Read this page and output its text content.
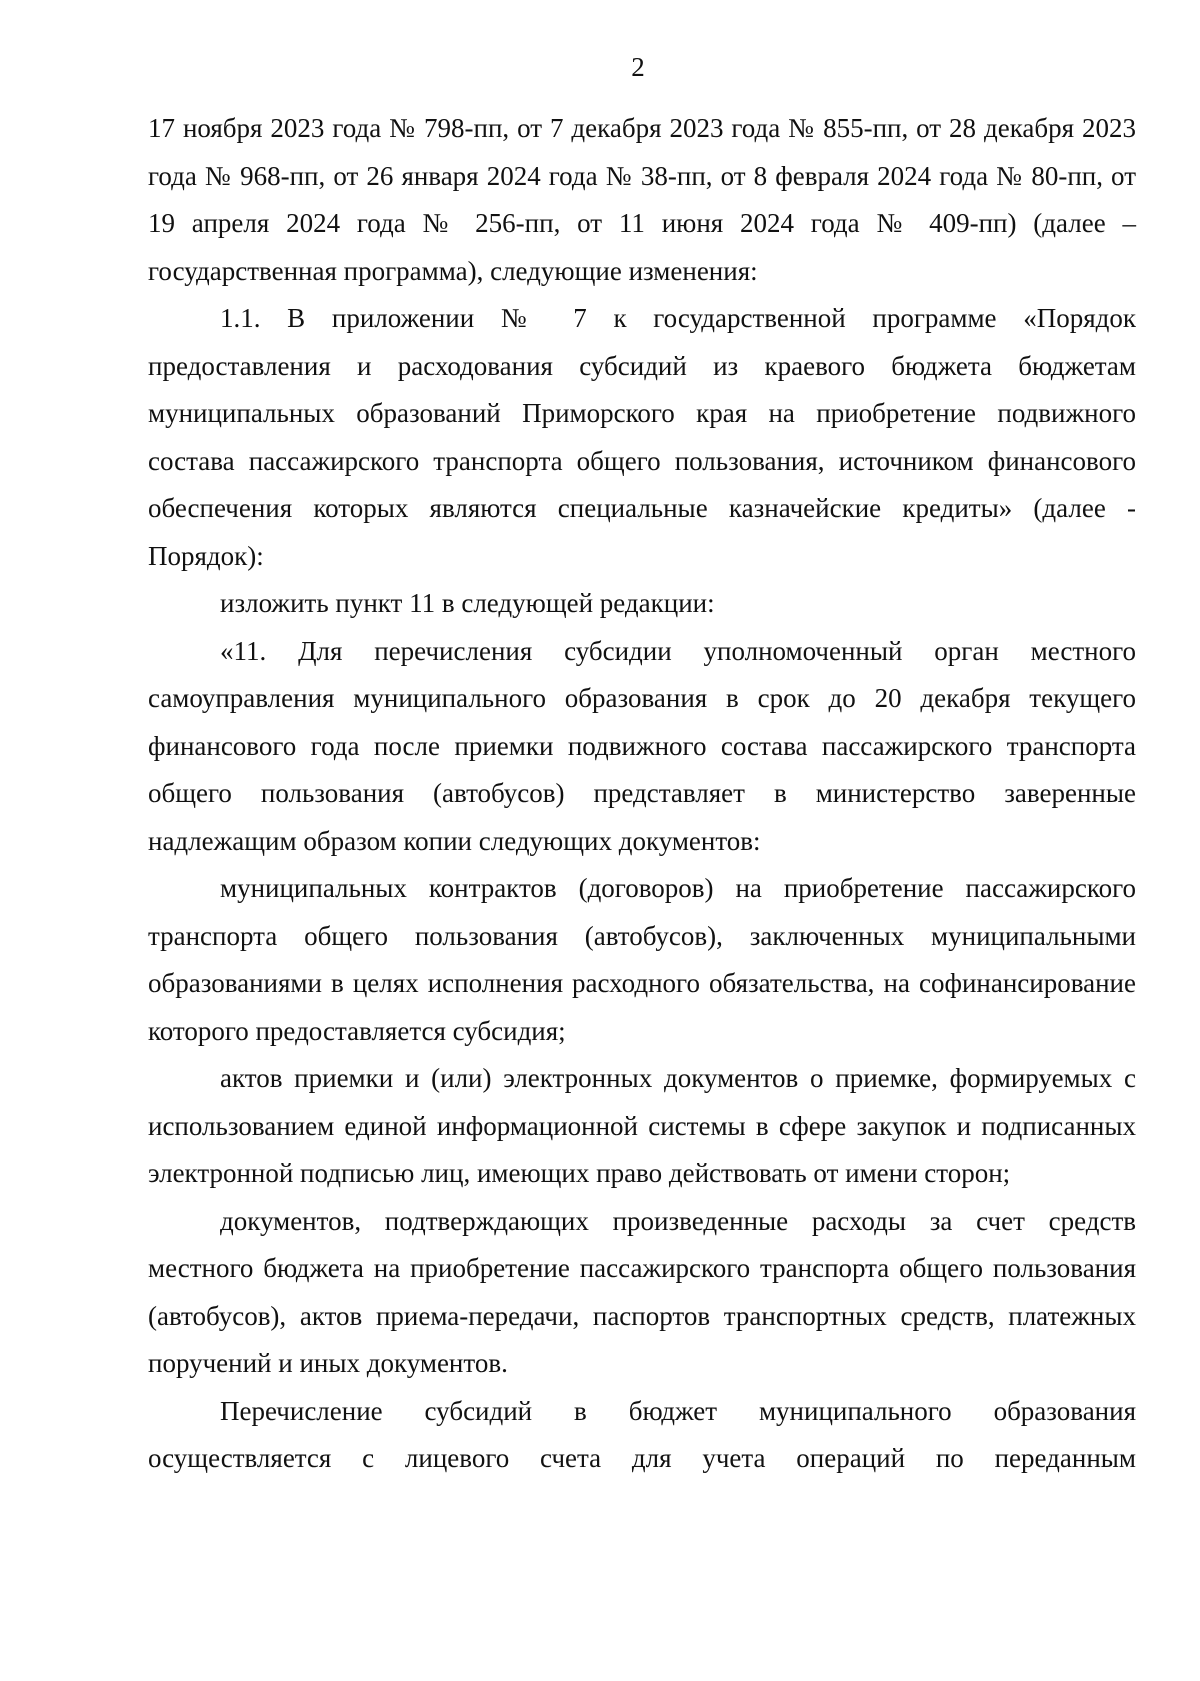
2

17 ноября 2023 года № 798-пп, от 7 декабря 2023 года № 855-пп, от 28 декабря 2023 года № 968-пп, от 26 января 2024 года № 38-пп, от 8 февраля 2024 года № 80-пп, от 19 апреля 2024 года № 256-пп, от 11 июня 2024 года № 409-пп) (далее – государственная программа), следующие изменения:

1.1. В приложении № 7 к государственной программе «Порядок предоставления и расходования субсидий из краевого бюджета бюджетам муниципальных образований Приморского края на приобретение подвижного состава пассажирского транспорта общего пользования, источником финансового обеспечения которых являются специальные казначейские кредиты» (далее - Порядок):

изложить пункт 11 в следующей редакции:

«11. Для перечисления субсидии уполномоченный орган местного самоуправления муниципального образования в срок до 20 декабря текущего финансового года после приемки подвижного состава пассажирского транспорта общего пользования (автобусов) представляет в министерство заверенные надлежащим образом копии следующих документов:

муниципальных контрактов (договоров) на приобретение пассажирского транспорта общего пользования (автобусов), заключенных муниципальными образованиями в целях исполнения расходного обязательства, на софинансирование которого предоставляется субсидия;

актов приемки и (или) электронных документов о приемке, формируемых с использованием единой информационной системы в сфере закупок и подписанных электронной подписью лиц, имеющих право действовать от имени сторон;

документов, подтверждающих произведенные расходы за счет средств местного бюджета на приобретение пассажирского транспорта общего пользования (автобусов), актов приема-передачи, паспортов транспортных средств, платежных поручений и иных документов.

Перечисление субсидий в бюджет муниципального образования осуществляется с лицевого счета для учета операций по переданным
